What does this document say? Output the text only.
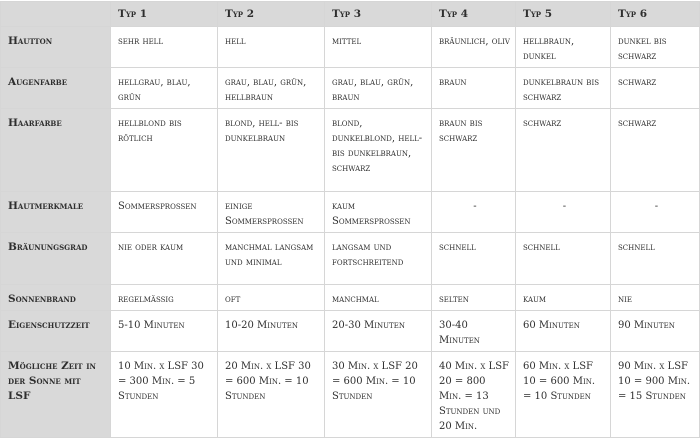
	Typ 1	Typ 2	Typ 3	Typ 4	Typ 5	Typ 6
Hautton	sehr hell	hell	mittel	bräunlich, oliv	hellbraun, dunkel	dunkel bis schwarz
Augenfarbe	hellgrau, blau, grün	grau, blau, grün, hellbraun	grau, blau, grün, braun	braun	dunkelbraun bis schwarz	schwarz
Haarfarbe	hellblond bis rötlich	blond, hell- bis dunkelbraun	blond, dunkelblond, hell- bis dunkelbraun, schwarz	braun bis schwarz	schwarz	schwarz
Hautmerkmale	Sommersprossen	einige Sommersprossen	kaum Sommersprossen	-	-	-
Bräunungsgrad	nie oder kaum	manchmal langsam und minimal	langsam und fortschreitend	schnell	schnell	schnell
Sonnenbrand	regelmäßig	oft	manchmal	selten	kaum	nie
Eigenschutzzeit	5-10 Minuten	10-20 Minuten	20-30 Minuten	30-40 Minuten	60 Minuten	90 Minuten
Mögliche Zeit in der Sonne mit LSF	10 Min. x LSF 30 = 300 Min. = 5 Stunden	20 Min. x LSF 30 = 600 Min. = 10 Stunden	30 Min. x LSF 20 = 600 Min. = 10 Stunden	40 Min. x LSF 20 = 800 Min. = 13 Stunden und 20 Min.	60 Min. x LSF 10 = 600 Min. = 10 Stunden	90 Min. x LSF 10 = 900 Min. = 15 Stunden
